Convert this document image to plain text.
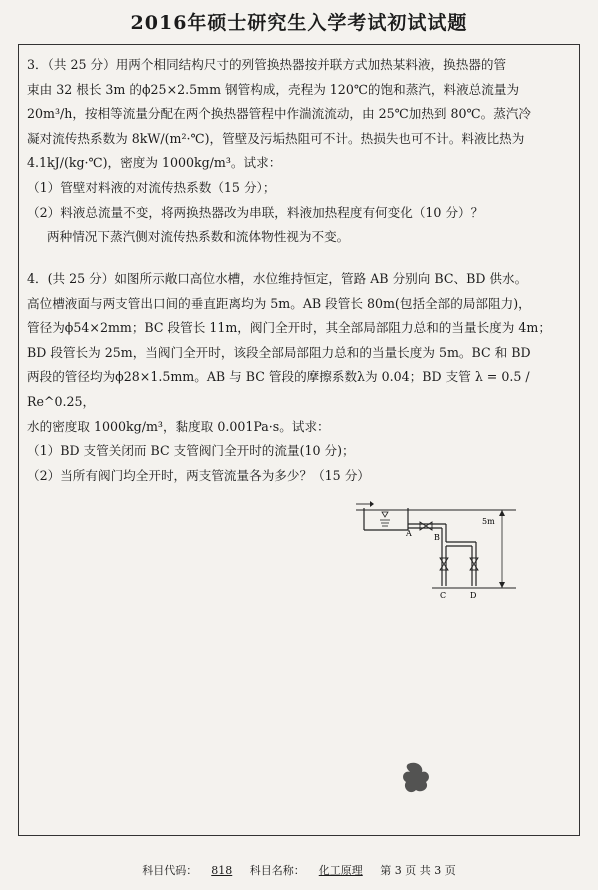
2016年硕士研究生入学考试初试试题

3．（共 25 分）用两个相同结构尺寸的列管换热器按并联方式加热某料液，换热器的管

束由 32 根长 3m 的ϕ25×2.5mm 钢管构成，壳程为 120℃的饱和蒸汽，料液总流量为

20m³/h，按相等流量分配在两个换热器管程中作湍流流动，由 25℃加热到 80℃。蒸汽冷

凝对流传热系数为 8kW/(m²·℃)，管壁及污垢热阻可不计。热损失也可不计。料液比热为

4.1kJ/(kg·℃)，密度为 1000kg/m³。试求：

（1）管壁对料液的对流传热系数（15 分）；

（2）料液总流量不变，将两换热器改为串联，料液加热程度有何变化（10 分）？

两种情况下蒸汽侧对流传热系数和流体物性视为不变。

4．(共 25 分）如图所示敞口高位水槽，水位维持恒定，管路 AB 分别向 BC、BD 供水。

高位槽液面与两支管出口间的垂直距离均为 5m。AB 段管长 80m(包括全部的局部阻力)，

管径为ϕ54×2mm；BC 段管长 11m，阀门全开时，其全部局部阻力总和的当量长度为 4m；

BD 段管长为 25m，当阀门全开时，该段全部局部阻力总和的当量长度为 5m。BC 和 BD

两段的管径均为ϕ28×1.5mm。AB 与 BC 管段的摩擦系数λ为 0.04；BD 支管 λ = 0.5 / Re^0.25，

水的密度取 1000kg/m³，黏度取 0.001Pa·s。试求：

（1）BD 支管关闭而 BC 支管阀门全开时的流量(10 分)；

（2）当所有阀门均全开时，两支管流量各为多少？（15 分）

A	B
C	D
5m
科目代码： 818 科目名称： 化工原理 第 3 页 共 3 页
